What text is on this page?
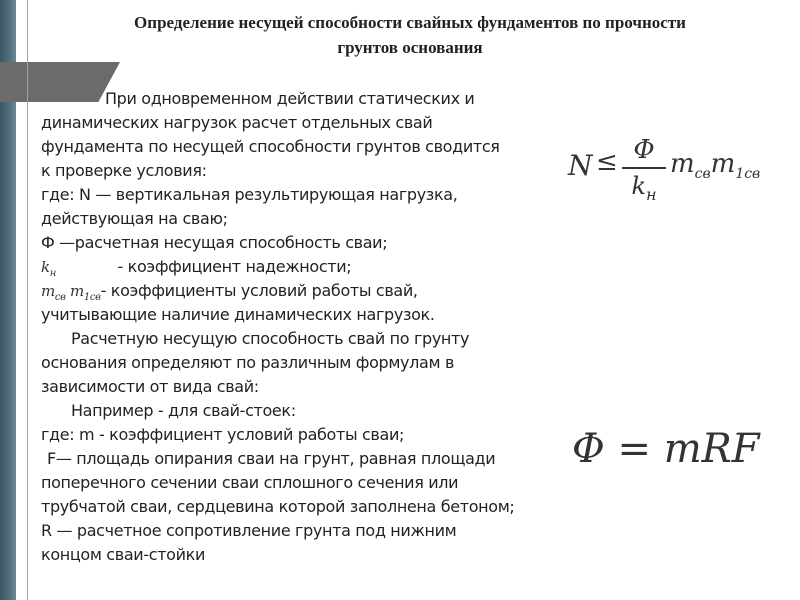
Определение несущей способности свайных фундаментов по прочности
грунтов основания
При одновременном действии статических и
динамических нагрузок расчет отдельных свай
фундамента по несущей способности грунтов сводится
к проверке условия:
где: N — вертикальная результирующая нагрузка,
действующая на сваю;
Ф —расчетная несущая способность сваи;
$k_н$	- коэффициент надежности;
$m_{св}$ $m_{1св}-$ коэффициенты условий работы свай,
учитывающие наличие динамических нагрузок.
Расчетную несущую способность свай по грунту
основания определяют по различным формулам в
зависимости от вида свай:
Например - для свай-стоек:
где: m - коэффициент условий работы сваи;
F— площадь опирания сваи на грунт, равная площади
поперечного сечении сваи сплошного сечения или
трубчатой сваи, сердцевина которой заполнена бетоном;
R — расчетное сопротивление грунта под нижним
концом сваи-стойки
N ≤ Φ
$k_н$
$m_{св}m_{1св}$
Φ = mRF
